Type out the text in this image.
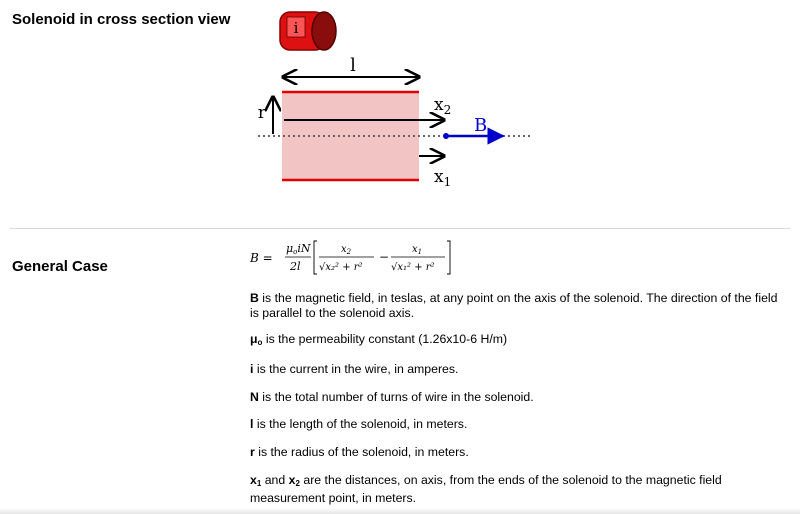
Solenoid in cross section view
General Case
i
l
r	$x_2$
$x_1$
B
B =
μoiN
2l
$x_2$
√x₂² + r²
−
$x_1$
√x₁² + r²

B is the magnetic field, in teslas, at any point on the axis of the solenoid. The direction of the field is parallel to the solenoid axis.

$\mu_o$ is the permeability constant (1.26x10-6 H/m)

i is the current in the wire, in amperes.

N is the total number of turns of wire in the solenoid.

l is the length of the solenoid, in meters.

r is the radius of the solenoid, in meters.

$x_1$ and $x_2$ are the distances, on axis, from the ends of the solenoid to the magnetic field measurement point, in meters.
